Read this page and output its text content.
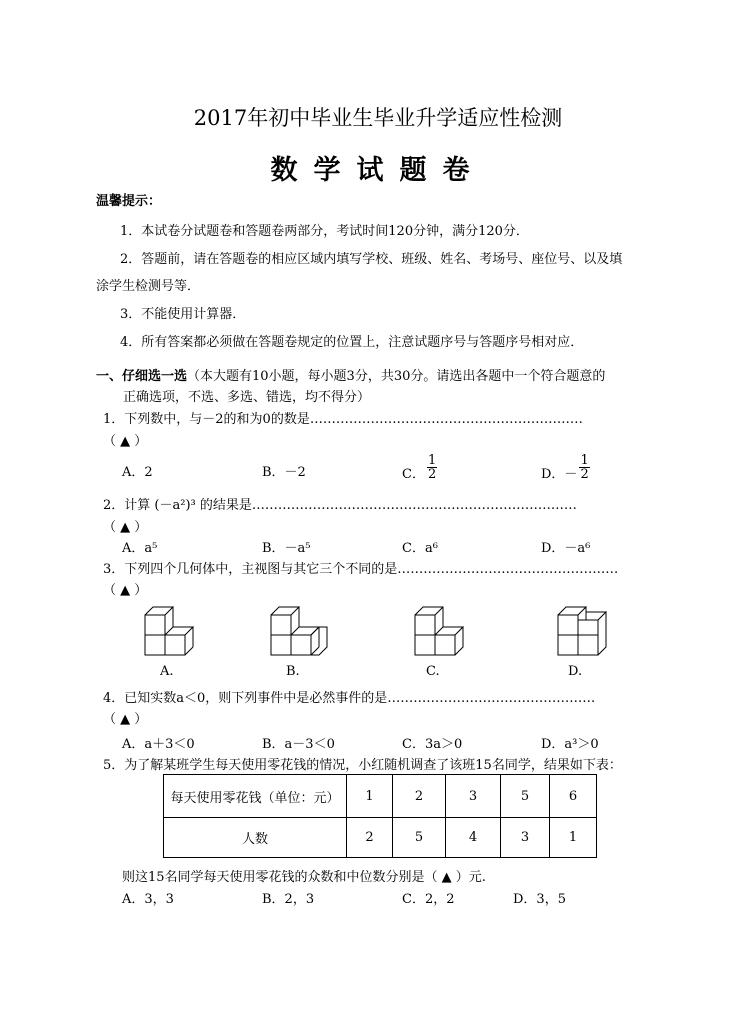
2017年初中毕业生毕业升学适应性检测
数学试题卷
温馨提示：
1．本试卷分试题卷和答题卷两部分，考试时间120分钟，满分120分．
2．答题前，请在答题卷的相应区域内填写学校、班级、姓名、考场号、座位号、以及填
涂学生检测号等．
3．不能使用计算器．
4．所有答案都必须做在答题卷规定的位置上，注意试题序号与答题序号相对应．
一、仔细选一选（本大题有10小题，每小题3分，共30分。请选出各题中一个符合题意的
正确选项，不选、多选、错选，均不得分）
1．下列数中，与－2的和为0的数是………………………………………………………
（ ▲ ）
A．2	B．－2	C． $\frac{1}{2}$	D．－ $\frac{1}{2}$
2．计算 (－a²)³ 的结果是…………………………………………………………………
（ ▲ ）
A．a⁵	B．－a⁵	C．a⁶	D．－a⁶
3．下列四个几何体中，主视图与其它三个不同的是……………………………………………
（ ▲ ）
A.	B.	C.	D.
4．已知实数a＜0，则下列事件中是必然事件的是…………………………………………
（ ▲ ）
A．a＋3＜0	B．a－3＜0	C．3a＞0	D．a³＞0
5．为了解某班学生每天使用零花钱的情况，小红随机调查了该班15名同学，结果如下表：
每天使用零花钱（单位：元）	1	2	3	5	6
人数	2	5	4	3	1
则这15名同学每天使用零花钱的众数和中位数分别是（ ▲ ）元.
A．3，3	B．2，3	C．2，2	D．3，5
